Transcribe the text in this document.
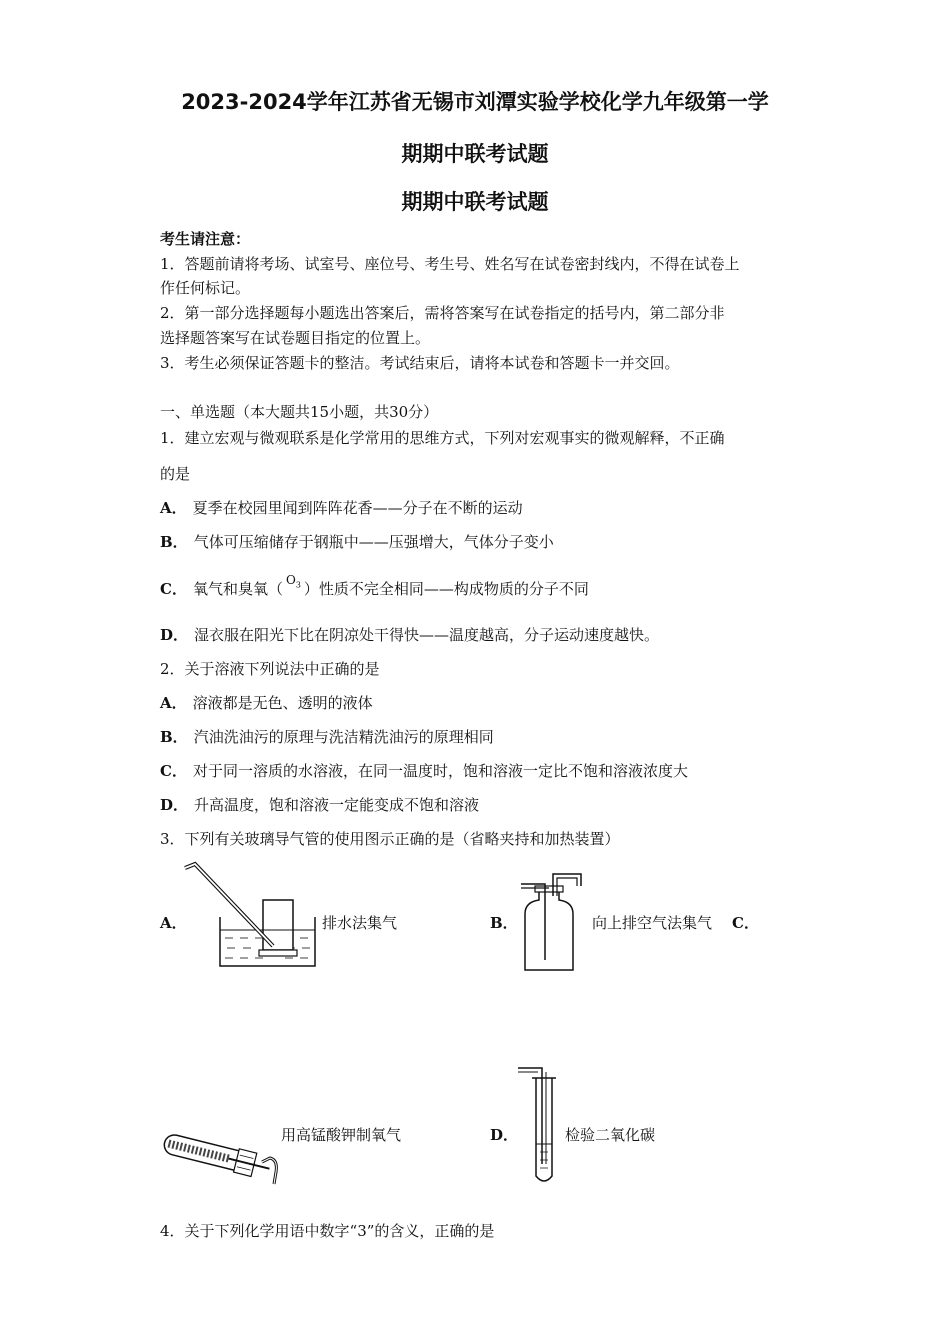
2023-2024学年江苏省无锡市刘潭实验学校化学九年级第一学
期期中联考试题
期期中联考试题
考生请注意：
1．答题前请将考场、试室号、座位号、考生号、姓名写在试卷密封线内，不得在试卷上
作任何标记。
2．第一部分选择题每小题选出答案后，需将答案写在试卷指定的括号内，第二部分非
选择题答案写在试卷题目指定的位置上。
3．考生必须保证答题卡的整洁。考试结束后，请将本试卷和答题卡一并交回。
一、单选题（本大题共15小题，共30分）
1．建立宏观与微观联系是化学常用的思维方式，下列对宏观事实的微观解释，不正确
的是
A． 夏季在校园里闻到阵阵花香——分子在不断的运动
B． 气体可压缩储存于钢瓶中——压强增大，气体分子变小
C． 氧气和臭氧（ $O_3$ ）性质不完全相同——构成物质的分子不同
D． 湿衣服在阳光下比在阴凉处干得快——温度越高，分子运动速度越快。
2．关于溶液下列说法中正确的是
A． 溶液都是无色、透明的液体
B． 汽油洗油污的原理与洗洁精洗油污的原理相同
C． 对于同一溶质的水溶液，在同一温度时，饱和溶液一定比不饱和溶液浓度大
D． 升高温度，饱和溶液一定能变成不饱和溶液
3．下列有关玻璃导气管的使用图示正确的是（省略夹持和加热装置）
A．	排水法集气	B．	向上排空气法集气 C．
用高锰酸钾制氧气	D．	检验二氧化碳
4．关于下列化学用语中数字“3”的含义，正确的是
